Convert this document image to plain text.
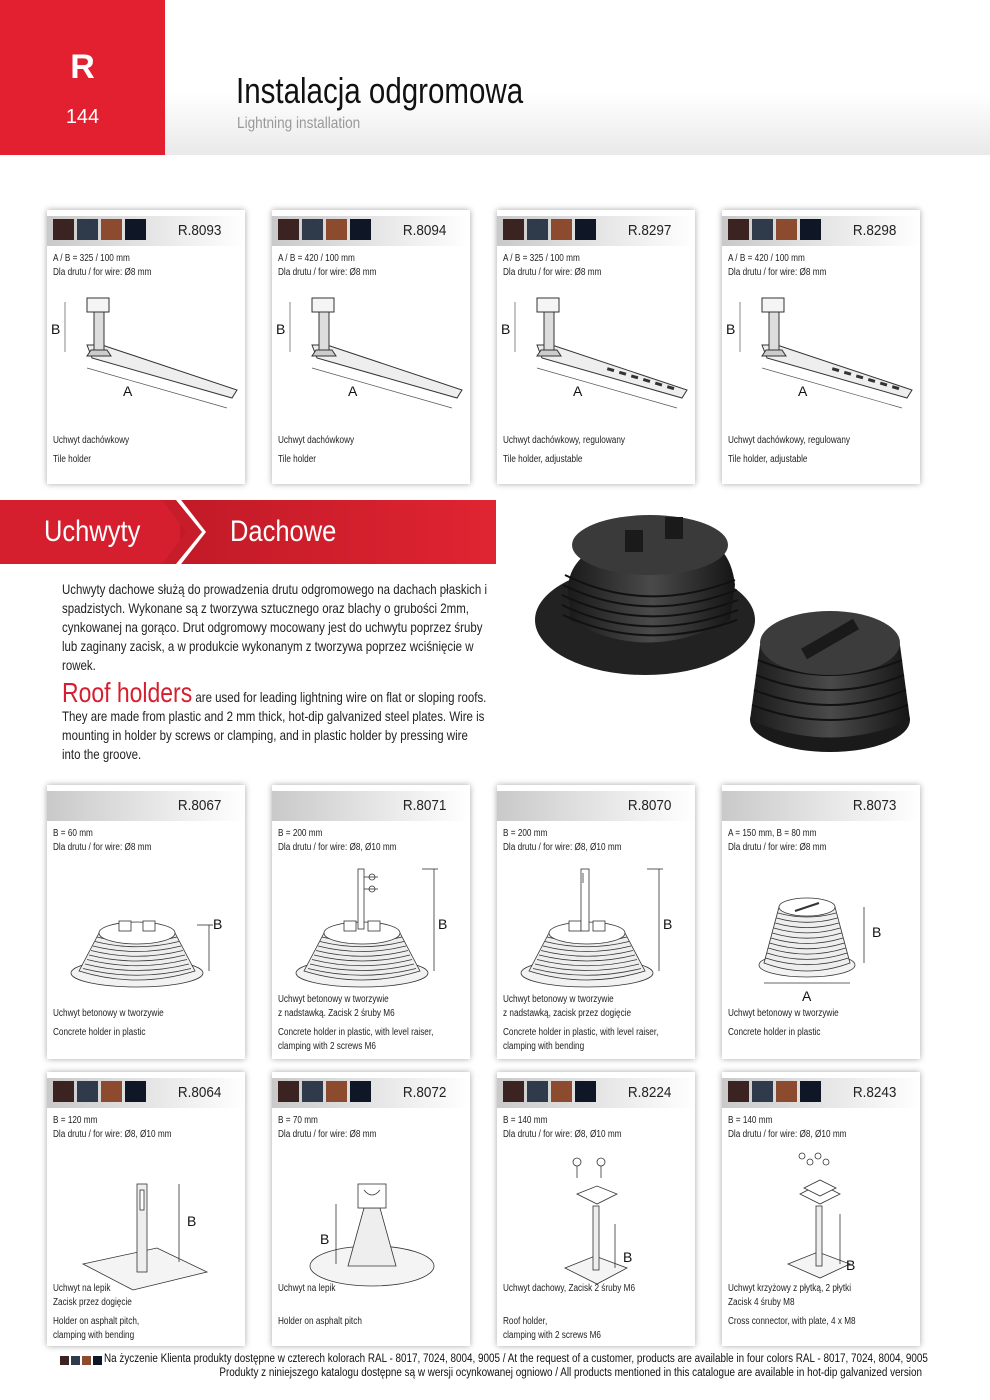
R
144
Instalacja odgromowa
Lightning installation
R.8093
A / B = 325 / 100 mm
Dla drutu / for wire: Ø8 mm
B
A
Uchwyt dachówkowy
Tile holder
R.8094
A / B = 420 / 100 mm
Dla drutu / for wire: Ø8 mm
B
A
Uchwyt dachówkowy
Tile holder
R.8297
A / B = 325 / 100 mm
Dla drutu / for wire: Ø8 mm
B
A
Uchwyt dachówkowy, regulowany
Tile holder, adjustable
R.8298
A / B = 420 / 100 mm
Dla drutu / for wire: Ø8 mm
B
A
Uchwyt dachówkowy, regulowany
Tile holder, adjustable
Uchwyty	Dachowe
Uchwyty dachowe służą do prowadzenia drutu odgromowego na dachach płaskich i spadzistych. Wykonane są z tworzywa sztucznego oraz blachy o grubości 2mm, cynkowanej na gorąco. Drut odgromowy mocowany jest do uchwytu poprzez śruby lub zaginany zacisk, a w produkcie wykonanym z tworzywa poprzez wciśnięcie w rowek.
Roof holders are used for leading lightning wire on flat or sloping roofs. They are made from plastic and 2 mm thick, hot-dip galvanized steel plates. Wire is mounting in holder by screws or clamping, and in plastic holder by pressing wire into the groove.
R.8067
B = 60 mm
Dla drutu / for wire: Ø8 mm
B
Uchwyt betonowy w tworzywie
Concrete holder in plastic
R.8071
B = 200 mm
Dla drutu / for wire: Ø8, Ø10 mm
B
Uchwyt betonowy w tworzywie
z nadstawką. Zacisk 2 śruby M6
Concrete holder in plastic, with level raiser,
clamping with 2 screws M6
R.8070
B = 200 mm
Dla drutu / for wire: Ø8, Ø10 mm
B
Uchwyt betonowy w tworzywie
z nadstawką, zacisk przez dogięcie
Concrete holder in plastic, with level raiser,
clamping with bending
R.8073
A = 150 mm, B = 80 mm
Dla drutu / for wire: Ø8 mm
B
A
Uchwyt betonowy w tworzywie
Concrete holder in plastic
R.8064
B = 120 mm
Dla drutu / for wire: Ø8, Ø10 mm
B
Uchwyt na lepik
Zacisk przez dogięcie
Holder on asphalt pitch,
clamping with bending
R.8072
B = 70 mm
Dla drutu / for wire: Ø8 mm
B
Uchwyt na lepik
Holder on asphalt pitch
R.8224
B = 140 mm
Dla drutu / for wire: Ø8, Ø10 mm
B
Uchwyt dachowy, Zacisk 2 śruby M6
Roof holder,
clamping with 2 screws M6
R.8243
B = 140 mm
Dla drutu / for wire: Ø8, Ø10 mm
B
Uchwyt krzyżowy z płytką, 2 płytki
Zacisk 4 śruby M8
Cross connector, with plate, 4 x M8
Na życzenie Klienta produkty dostępne w czterech kolorach RAL - 8017, 7024, 8004, 9005 / At the request of a customer, products are available in four colors RAL - 8017, 7024, 8004, 9005
Produkty z niniejszego katalogu dostępne są w wersji ocynkowanej ogniowo / All products mentioned in this catalogue are available in hot-dip galvanized version
